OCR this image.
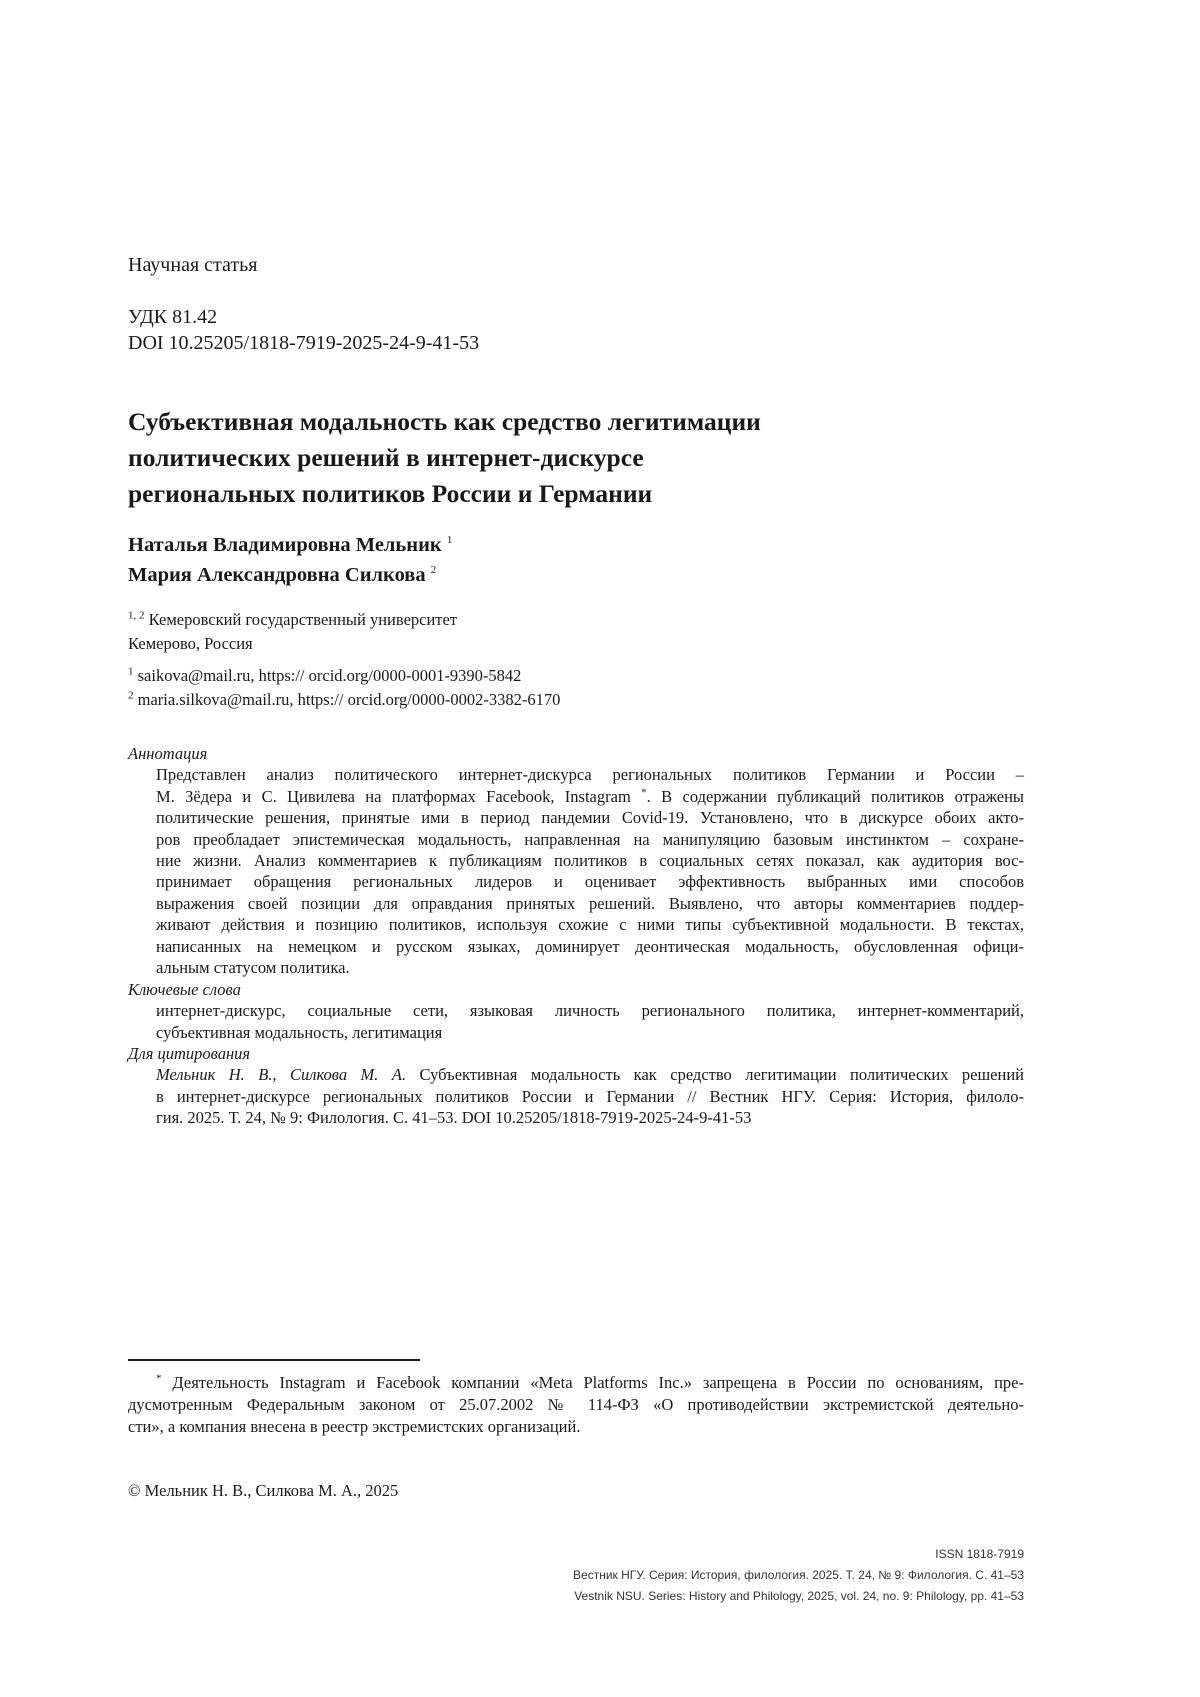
Научная статья
УДК 81.42
DOI 10.25205/1818-7919-2025-24-9-41-53
Субъективная модальность как средство легитимации
политических решений в интернет-дискурсе
региональных политиков России и Германии
Наталья Владимировна Мельник $^1$
Мария Александровна Силкова $^2$
$^{1, 2}$ Кемеровский государственный университет
Кемерово, Россия
$^1$ saikova@mail.ru, https:// orcid.org/0000-0001-9390-5842
$^2$ maria.silkova@mail.ru, https:// orcid.org/0000-0002-3382-6170
Аннотация
Представлен анализ политического интернет-дискурса региональных политиков Германии и России –
М. Зёдера и С. Цивилева на платформах Facebook, Instagram *. В содержании публикаций политиков отражены
политические решения, принятые ими в период пандемии Covid-19. Установлено, что в дискурсе обоих акто-
ров преобладает эпистемическая модальность, направленная на манипуляцию базовым инстинктом – сохране-
ние жизни. Анализ комментариев к публикациям политиков в социальных сетях показал, как аудитория вос-
принимает обращения региональных лидеров и оценивает эффективность выбранных ими способов
выражения своей позиции для оправдания принятых решений. Выявлено, что авторы комментариев поддер-
живают действия и позицию политиков, используя схожие с ними типы субъективной модальности. В текстах,
написанных на немецком и русском языках, доминирует деонтическая модальность, обусловленная офици-
альным статусом политика.
Ключевые слова
интернет-дискурс, социальные сети, языковая личность регионального политика, интернет-комментарий,
субъективная модальность, легитимация
Для цитирования
Мельник Н. В., Силкова М. А. Субъективная модальность как средство легитимации политических решений
в интернет-дискурсе региональных политиков России и Германии // Вестник НГУ. Серия: История, филоло-
гия. 2025. Т. 24, № 9: Филология. С. 41–53. DOI 10.25205/1818-7919-2025-24-9-41-53
* Деятельность Instagram и Facebook компании «Meta Platforms Inc.» запрещена в России по основаниям, пре-
дусмотренным Федеральным законом от 25.07.2002 № 114-ФЗ «О противодействии экстремистской деятельно-
сти», а компания внесена в реестр экстремистских организаций.
© Мельник Н. В., Силкова М. А., 2025
ISSN 1818-7919
Вестник НГУ. Серия: История, филология. 2025. Т. 24, № 9: Филология. С. 41–53
Vestnik NSU. Series: History and Philology, 2025, vol. 24, no. 9: Philology, pp. 41–53
